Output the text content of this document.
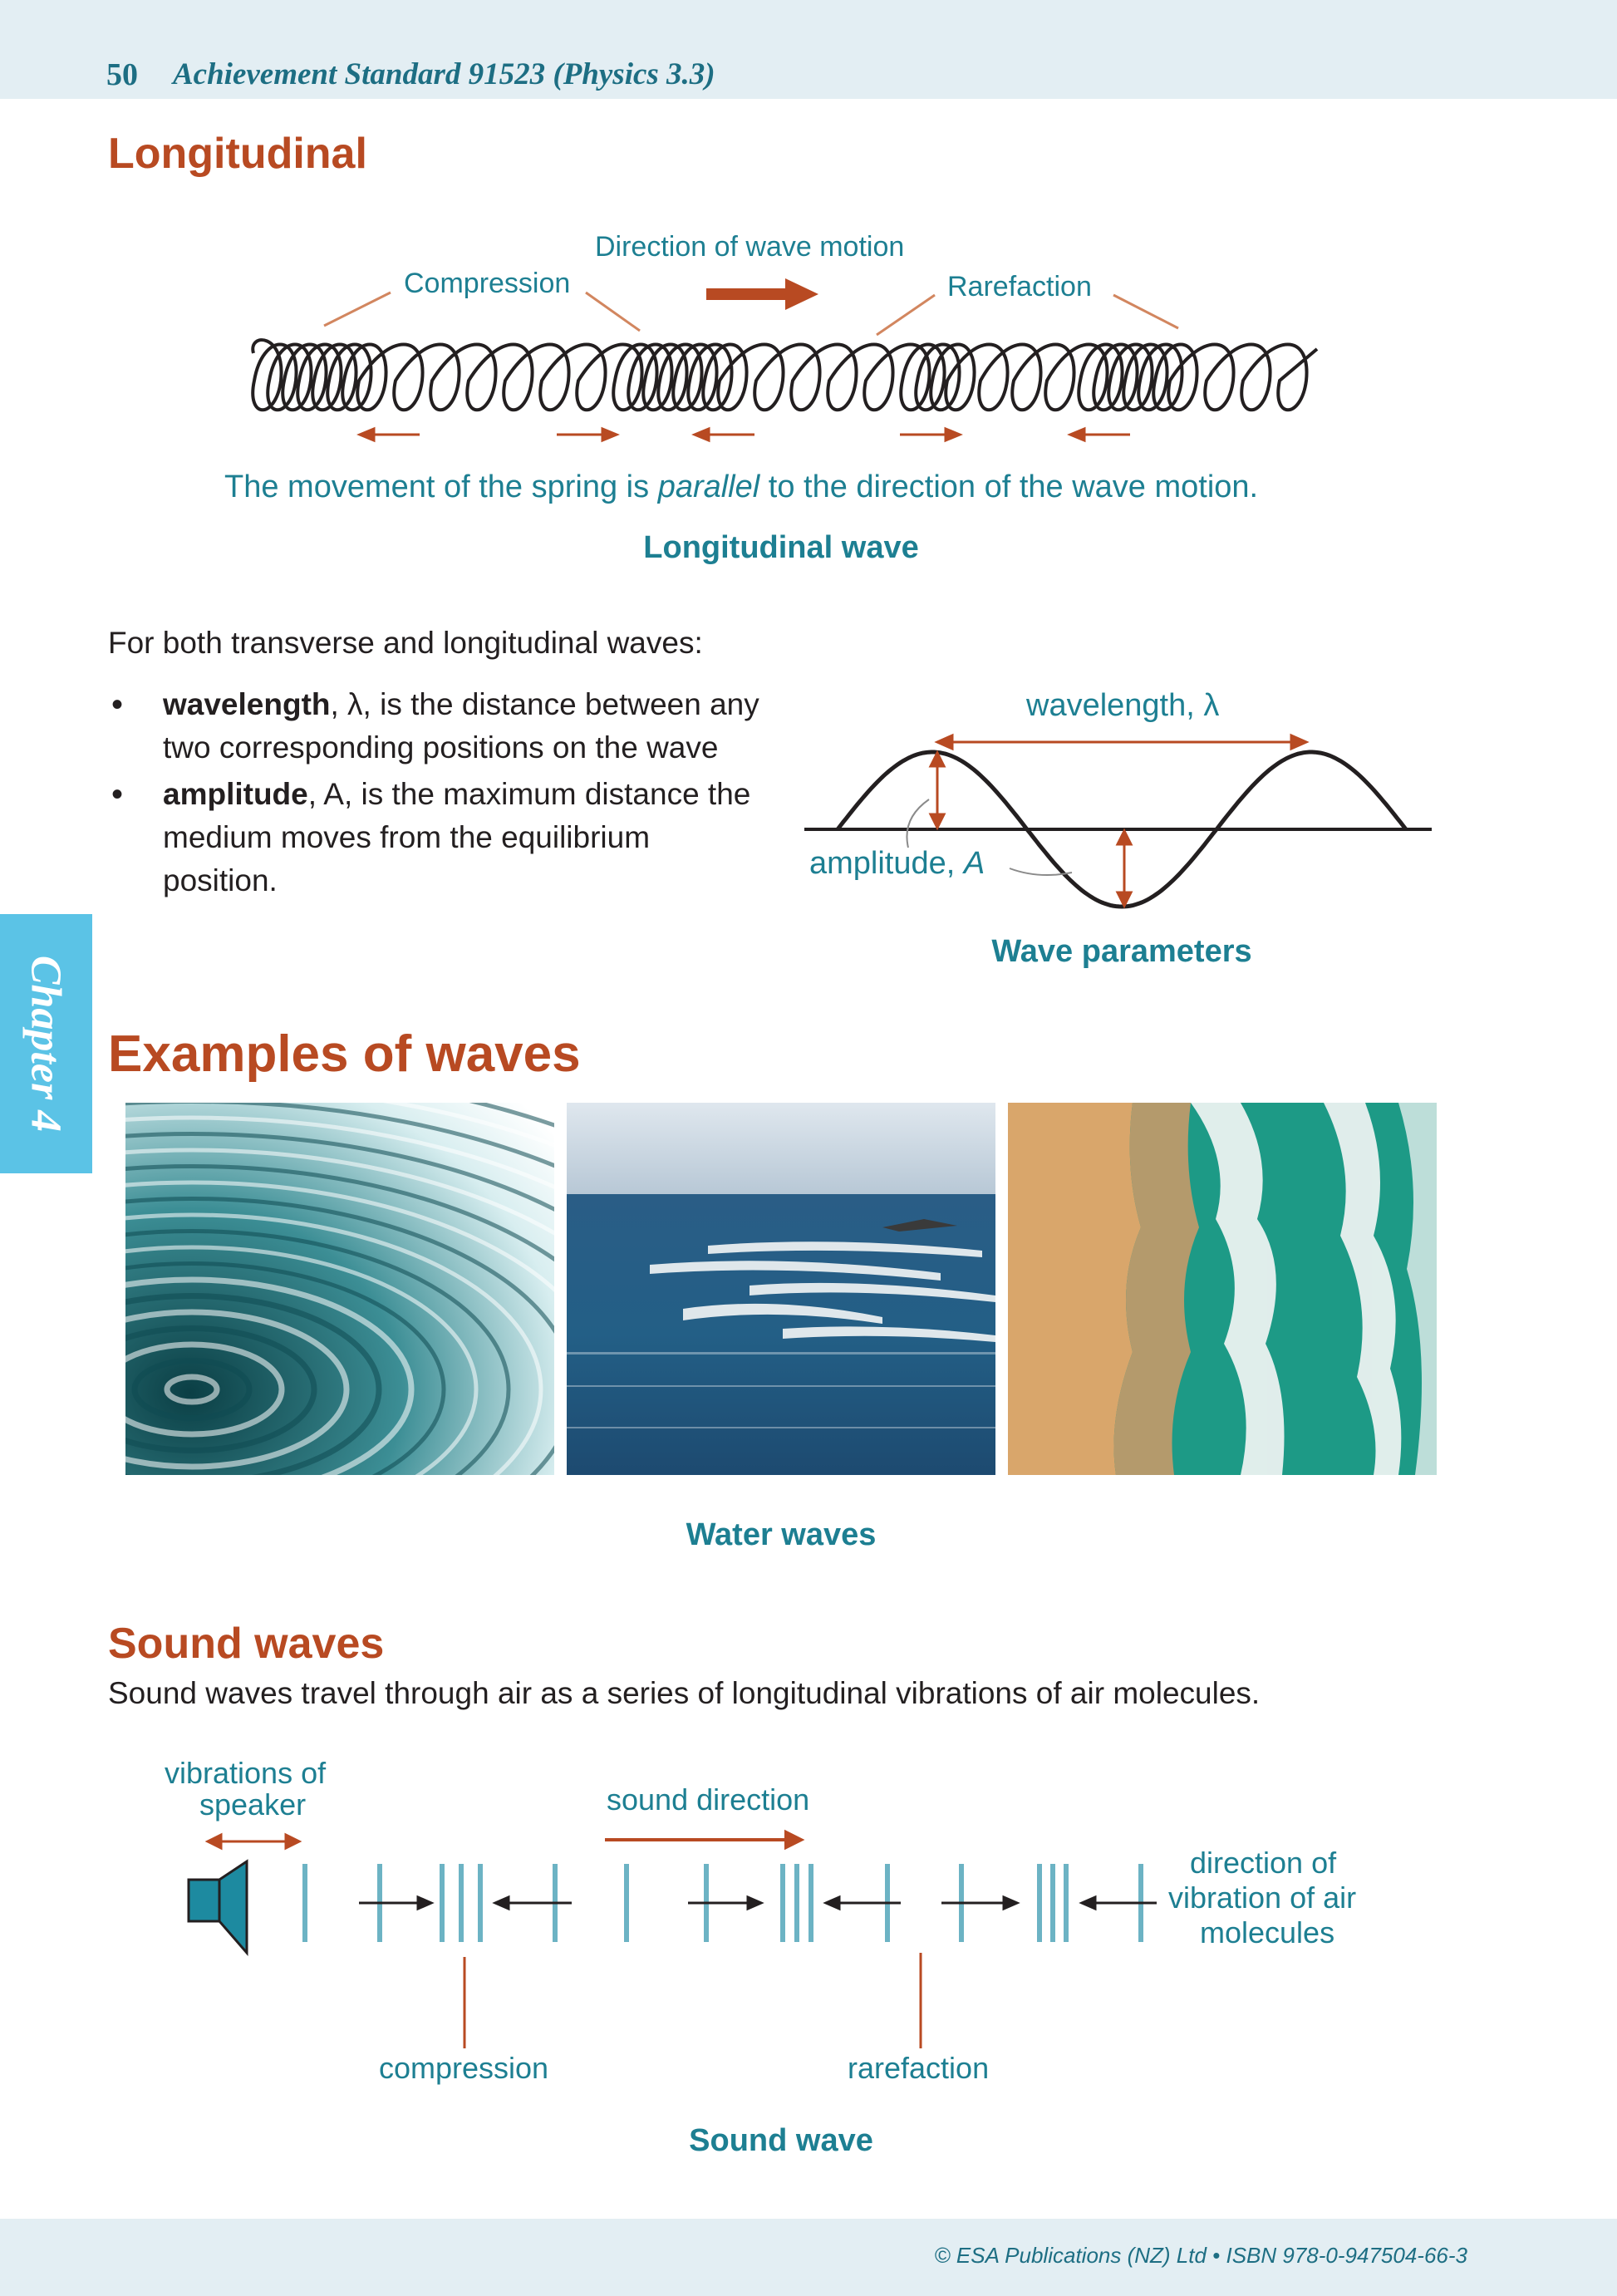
50 Achievement Standard 91523 (Physics 3.3)
Chapter 4
Longitudinal
Direction of wave motion
Compression	Rarefaction
The movement of the spring is parallel to the direction of the wave motion.
Longitudinal wave
For both transverse and longitudinal waves:
• wavelength, λ, is the distance between any two corresponding positions on the wave
• amplitude, A, is the maximum distance the medium moves from the equilibrium position.
wavelength, λ
amplitude, A
Wave parameters
Examples of waves
Water waves
Sound waves
Sound waves travel through air as a series of longitudinal vibrations of air molecules.
vibrations of
speaker	sound direction
direction of
vibration of air
molecules
compression	rarefaction
Sound wave
© ESA Publications (NZ) Ltd • ISBN 978-0-947504-66-3
